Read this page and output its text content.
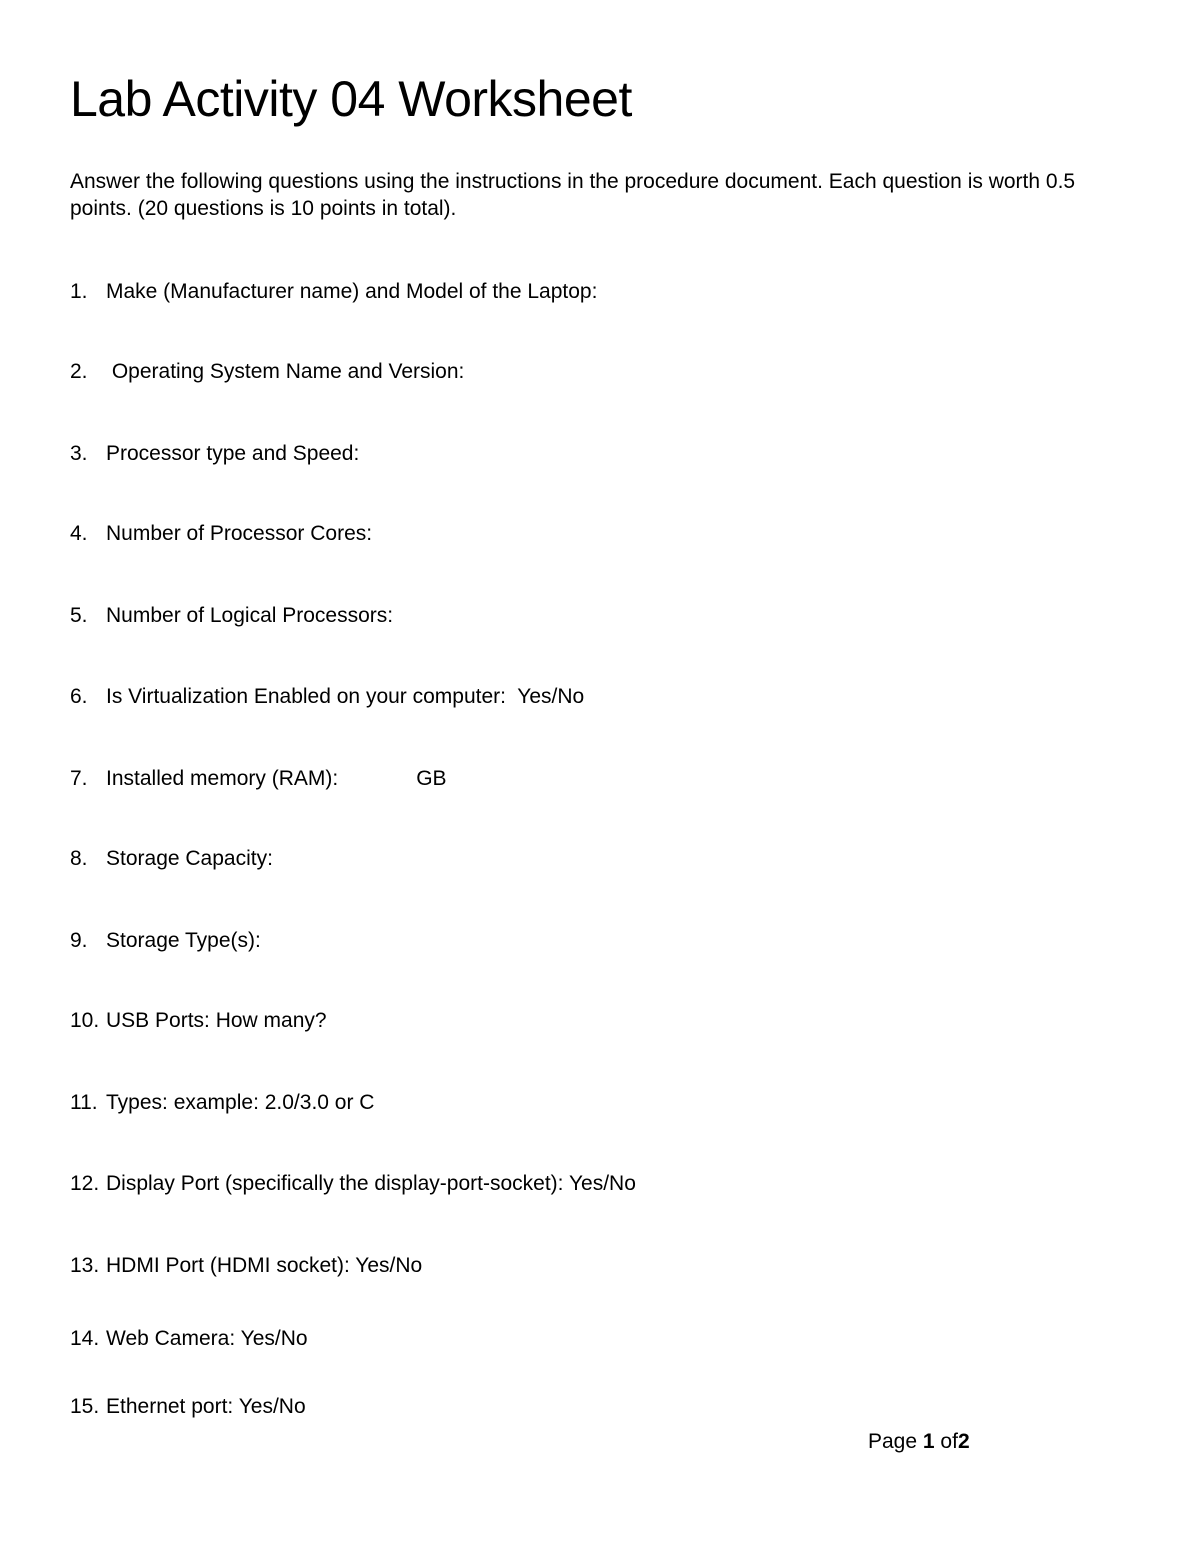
Lab Activity 04 Worksheet

Answer the following questions using the instructions in the procedure document. Each question is worth 0.5 points. (20 questions is 10 points in total).

1. Make (Manufacturer name) and Model of the Laptop:
2. Operating System Name and Version:
3. Processor type and Speed:
4. Number of Processor Cores:
5. Number of Logical Processors:
6. Is Virtualization Enabled on your computer:  Yes/No
7. Installed memory (RAM):	GB
8. Storage Capacity:
9. Storage Type(s):
10. USB Ports: How many?
11. Types: example: 2.0/3.0 or C
12. Display Port (specifically the display-port-socket): Yes/No
13. HDMI Port (HDMI socket): Yes/No
14. Web Camera: Yes/No
15. Ethernet port: Yes/No
Page 1 of2
